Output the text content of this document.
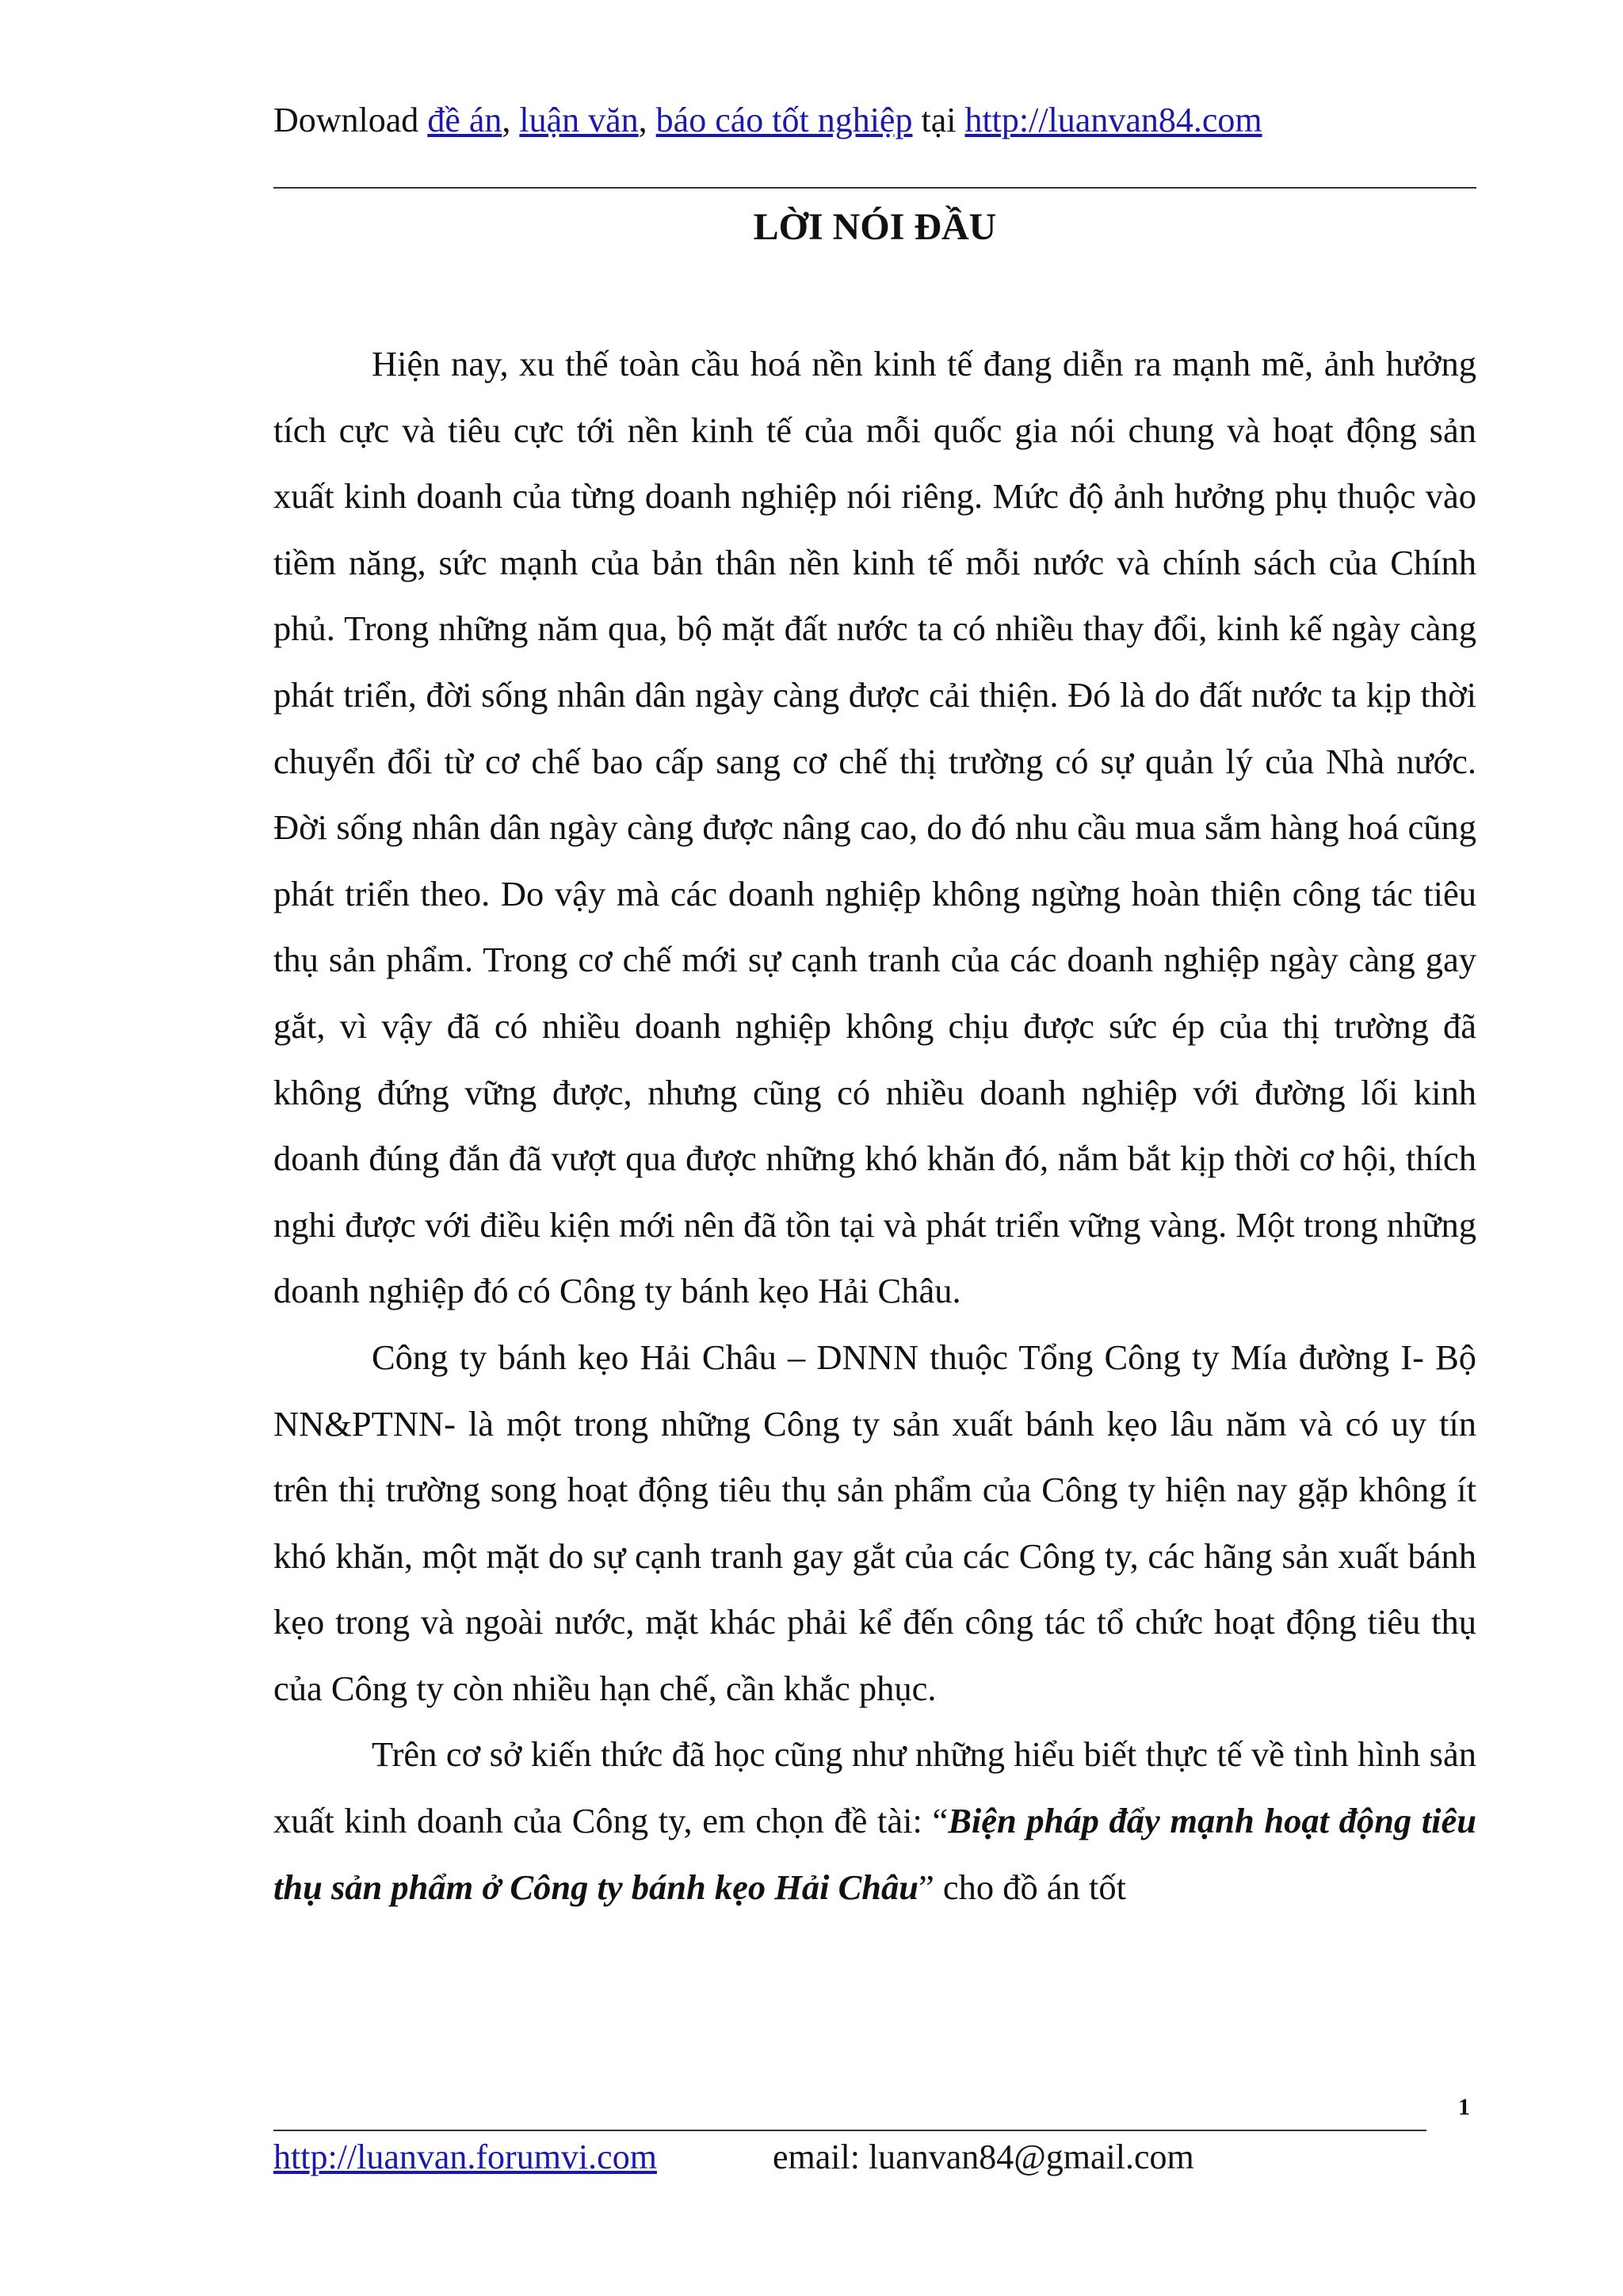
Download đề án, luận văn, báo cáo tốt nghiệp tại http://luanvan84.com
LỜI NÓI ĐẦU

Hiện nay, xu thế toàn cầu hoá nền kinh tế đang diễn ra mạnh mẽ, ảnh hưởng tích cực và tiêu cực tới nền kinh tế của mỗi quốc gia nói chung và hoạt động sản xuất kinh doanh của từng doanh nghiệp nói riêng. Mức độ ảnh hưởng phụ thuộc vào tiềm năng, sức mạnh của bản thân nền kinh tế mỗi nước và chính sách của Chính phủ. Trong những năm qua, bộ mặt đất nước ta có nhiều thay đổi, kinh kế ngày càng phát triển, đời sống nhân dân ngày càng được cải thiện. Đó là do đất nước ta kịp thời chuyển đổi từ cơ chế bao cấp sang cơ chế thị trường có sự quản lý của Nhà nước. Đời sống nhân dân ngày càng được nâng cao, do đó nhu cầu mua sắm hàng hoá cũng phát triển theo. Do vậy mà các doanh nghiệp không ngừng hoàn thiện công tác tiêu thụ sản phẩm. Trong cơ chế mới sự cạnh tranh của các doanh nghiệp ngày càng gay gắt, vì vậy đã có nhiều doanh nghiệp không chịu được sức ép của thị trường đã không đứng vững được, nhưng cũng có nhiều doanh nghiệp với đường lối kinh doanh đúng đắn đã vượt qua được những khó khăn đó, nắm bắt kịp thời cơ hội, thích nghi được với điều kiện mới nên đã tồn tại và phát triển vững vàng. Một trong những doanh nghiệp đó có Công ty bánh kẹo Hải Châu.

Công ty bánh kẹo Hải Châu – DNNN thuộc Tổng Công ty Mía đường I- Bộ NN&PTNN- là một trong những Công ty sản xuất bánh kẹo lâu năm và có uy tín trên thị trường song hoạt động tiêu thụ sản phẩm của Công ty hiện nay gặp không ít khó khăn, một mặt do sự cạnh tranh gay gắt của các Công ty, các hãng sản xuất bánh kẹo trong và ngoài nước, mặt khác phải kể đến công tác tổ chức hoạt động tiêu thụ của Công ty còn nhiều hạn chế, cần khắc phục.

Trên cơ sở kiến thức đã học cũng như những hiểu biết thực tế về tình hình sản xuất kinh doanh của Công ty, em chọn đề tài: “Biện pháp đẩy mạnh hoạt động tiêu thụ sản phẩm ở Công ty bánh kẹo Hải Châu” cho đồ án tốt

1
http://luanvan.forumvi.com	email: luanvan84@gmail.com
